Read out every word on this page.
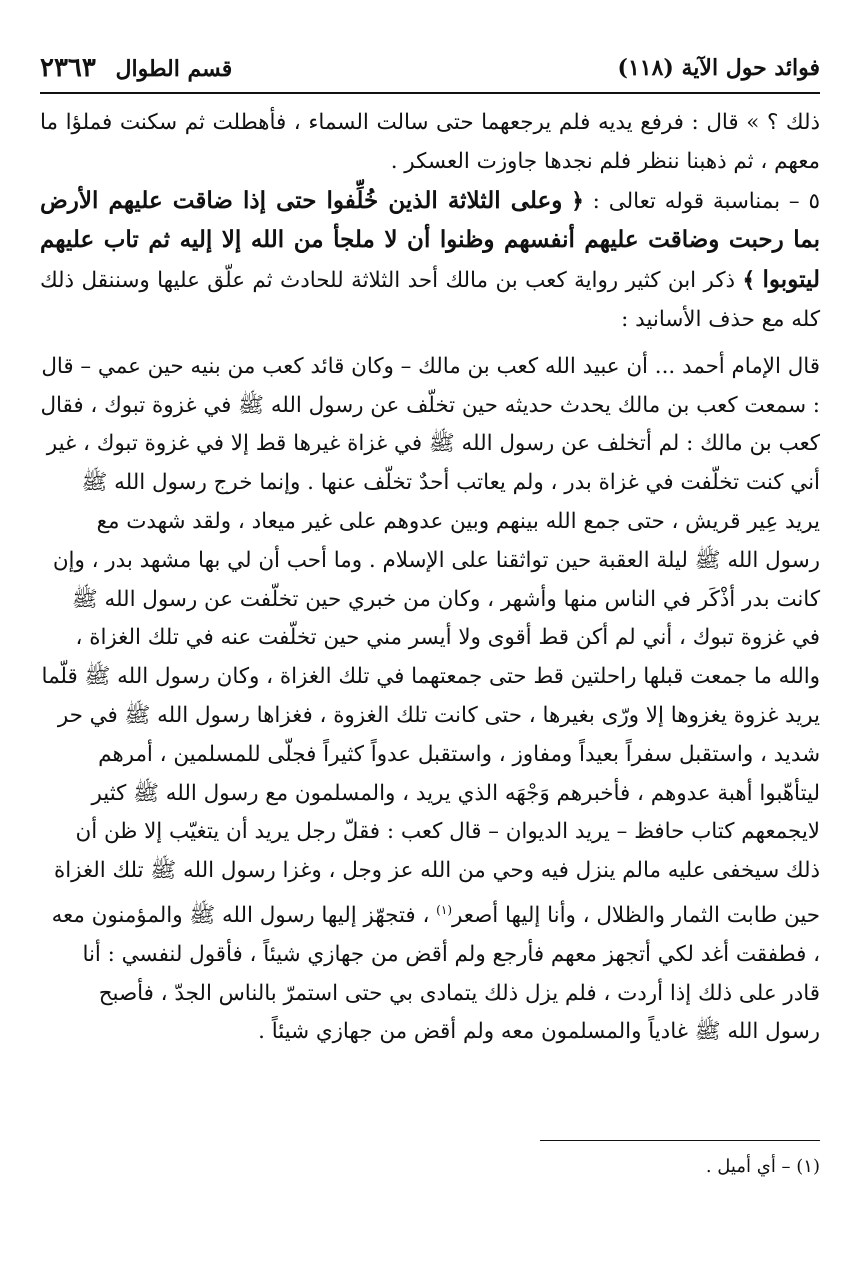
فوائد حول الآية (١١٨)
قسم الطوال ٢٣٦٣

ذلك ؟ » قال : فرفع يديه فلم يرجعهما حتى سالت السماء ، فأهطلت ثم سكنت فملؤا ما معهم ، ثم ذهبنا ننظر فلم نجدها جاوزت العسكر .

٥ – بمناسبة قوله تعالى : ﴿ وعلى الثلاثة الذين خُلِّفوا حتى إذا ضاقت عليهم الأرض بما رحبت وضاقت عليهم أنفسهم وظنوا أن لا ملجأ من الله إلا إليه ثم تاب عليهم ليتوبوا ﴾ ذكر ابن كثير رواية كعب بن مالك أحد الثلاثة للحادث ثم علّق عليها وسننقل ذلك كله مع حذف الأسانيد :

قال الإمام أحمد ... أن عبيد الله كعب بن مالك – وكان قائد كعب من بنيه حين عمي – قال : سمعت كعب بن مالك يحدث حديثه حين تخلّف عن رسول الله ﷺ في غزوة تبوك ، فقال كعب بن مالك : لم أتخلف عن رسول الله ﷺ في غزاة غيرها قط إلا في غزوة تبوك ، غير أني كنت تخلّفت في غزاة بدر ، ولم يعاتب أحدٌ تخلّف عنها . وإنما خرج رسول الله ﷺ يريد عِير قريش ، حتى جمع الله بينهم وبين عدوهم على غير ميعاد ، ولقد شهدت مع رسول الله ﷺ ليلة العقبة حين تواثقنا على الإسلام . وما أحب أن لي بها مشهد بدر ، وإن كانت بدر أذْكَر في الناس منها وأشهر ، وكان من خبري حين تخلّفت عن رسول الله ﷺ في غزوة تبوك ، أني لم أكن قط أقوى ولا أيسر مني حين تخلّفت عنه في تلك الغزاة ، والله ما جمعت قبلها راحلتين قط حتى جمعتهما في تلك الغزاة ، وكان رسول الله ﷺ قلّما يريد غزوة يغزوها إلا ورّى بغيرها ، حتى كانت تلك الغزوة ، فغزاها رسول الله ﷺ في حر شديد ، واستقبل سفراً بعيداً ومفاوز ، واستقبل عدواً كثيراً فجلّى للمسلمين ، أمرهم ليتأهّبوا أهبة عدوهم ، فأخبرهم وَجْهَه الذي يريد ، والمسلمون مع رسول الله ﷺ كثير لايجمعهم كتاب حافظ – يريد الديوان – قال كعب : فقلّ رجل يريد أن يتغيّب إلا ظن أن ذلك سيخفى عليه مالم ينزل فيه وحي من الله عز وجل ، وغزا رسول الله ﷺ تلك الغزاة حين طابت الثمار والظلال ، وأنا إليها أصعر$^{(١)}$ ، فتجهّز إليها رسول الله ﷺ والمؤمنون معه ، فطفقت أغد لكي أتجهز معهم فأرجع ولم أقض من جهازي شيئاً ، فأقول لنفسي : أنا قادر على ذلك إذا أردت ، فلم يزل ذلك يتمادى بي حتى استمرّ بالناس الجدّ ، فأصبح رسول الله ﷺ غادياً والمسلمون معه ولم أقض من جهازي شيئاً .

(١) – أي أميل .
